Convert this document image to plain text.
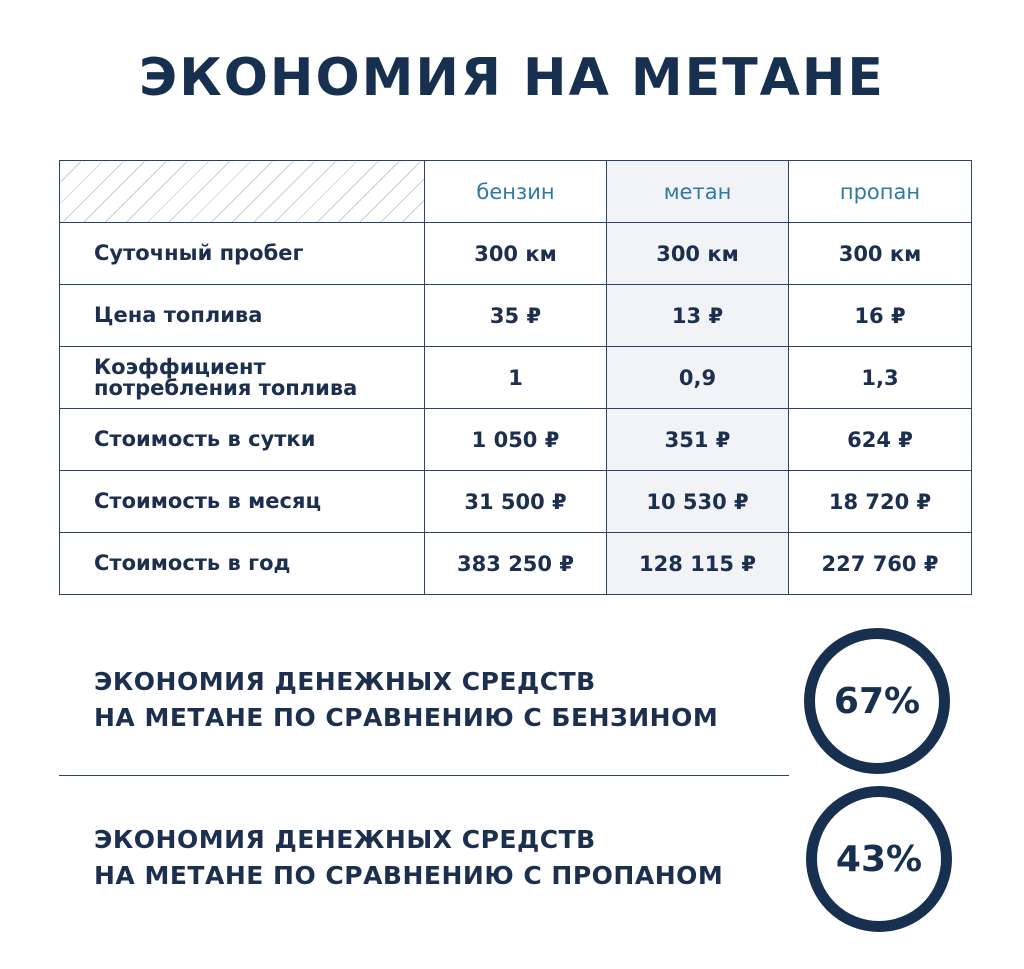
ЭКОНОМИЯ НА МЕТАНЕ
	бензин	метан	пропан
Суточный пробег	300 км	300 км	300 км
Цена топлива	35 ₽	13 ₽	16 ₽

Коэффициент
потребления топлива	1	0,9	1,3
Стоимость в сутки	1 050 ₽	351 ₽	624 ₽
Стоимость в месяц	31 500 ₽	10 530 ₽	18 720 ₽
Стоимость в год	383 250 ₽	128 115 ₽	227 760 ₽
ЭКОНОМИЯ ДЕНЕЖНЫХ СРЕДСТВ
НА МЕТАНЕ ПО СРАВНЕНИЮ С БЕНЗИНОМ	67%
ЭКОНОМИЯ ДЕНЕЖНЫХ СРЕДСТВ
НА МЕТАНЕ ПО СРАВНЕНИЮ С ПРОПАНОМ	43%
